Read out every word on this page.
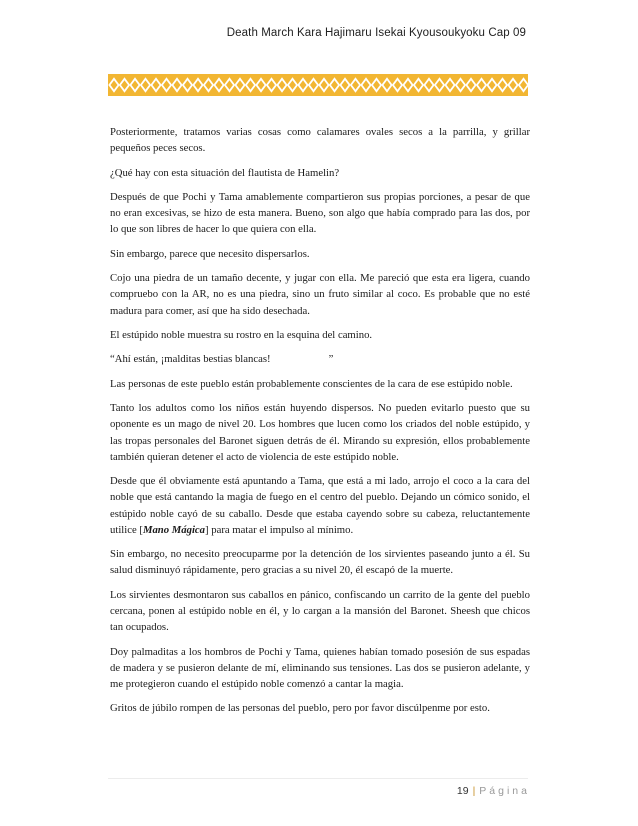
Death March Kara Hajimaru Isekai Kyousoukyoku Cap 09

Posteriormente, tratamos varias cosas como calamares ovales secos a la parrilla, y grillar pequeños peces secos.

¿Qué hay con esta situación del flautista de Hamelin?

Después de que Pochi y Tama amablemente compartieron sus propias porciones, a pesar de que no eran excesivas, se hizo de esta manera. Bueno, son algo que había comprado para las dos, por lo que son libres de hacer lo que quiera con ella.

Sin embargo, parece que necesito dispersarlos.

Cojo una piedra de un tamaño decente, y jugar con ella. Me pareció que esta era ligera, cuando compruebo con la AR, no es una piedra, sino un fruto similar al coco. Es probable que no esté madura para comer, así que ha sido desechada.

El estúpido noble muestra su rostro en la esquina del camino.

“Ahí están, ¡malditas bestias blancas!	”

Las personas de este pueblo están probablemente conscientes de la cara de ese estúpido noble.

Tanto los adultos como los niños están huyendo dispersos. No pueden evitarlo puesto que su oponente es un mago de nivel 20. Los hombres que lucen como los criados del noble estúpido, y las tropas personales del Baronet siguen detrás de él. Mirando su expresión, ellos probablemente también quieran detener el acto de violencia de este estúpido noble.

Desde que él obviamente está apuntando a Tama, que está a mi lado, arrojo el coco a la cara del noble que está cantando la magia de fuego en el centro del pueblo. Dejando un cómico sonido, el estúpido noble cayó de su caballo. Desde que estaba cayendo sobre su cabeza, reluctantemente utilice [Mano Mágica] para matar el impulso al mínimo.

Sin embargo, no necesito preocuparme por la detención de los sirvientes paseando junto a él. Su salud disminuyó rápidamente, pero gracias a su nivel 20, él escapó de la muerte.

Los sirvientes desmontaron sus caballos en pánico, confiscando un carrito de la gente del pueblo cercana, ponen al estúpido noble en él, y lo cargan a la mansión del Baronet. Sheesh que chicos tan ocupados.

Doy palmaditas a los hombros de Pochi y Tama, quienes habían tomado posesión de sus espadas de madera y se pusieron delante de mí, eliminando sus tensiones. Las dos se pusieron adelante, y me protegieron cuando el estúpido noble comenzó a cantar la magia.

Gritos de júbilo rompen de las personas del pueblo, pero por favor discúlpenme por esto.

19 | Página
